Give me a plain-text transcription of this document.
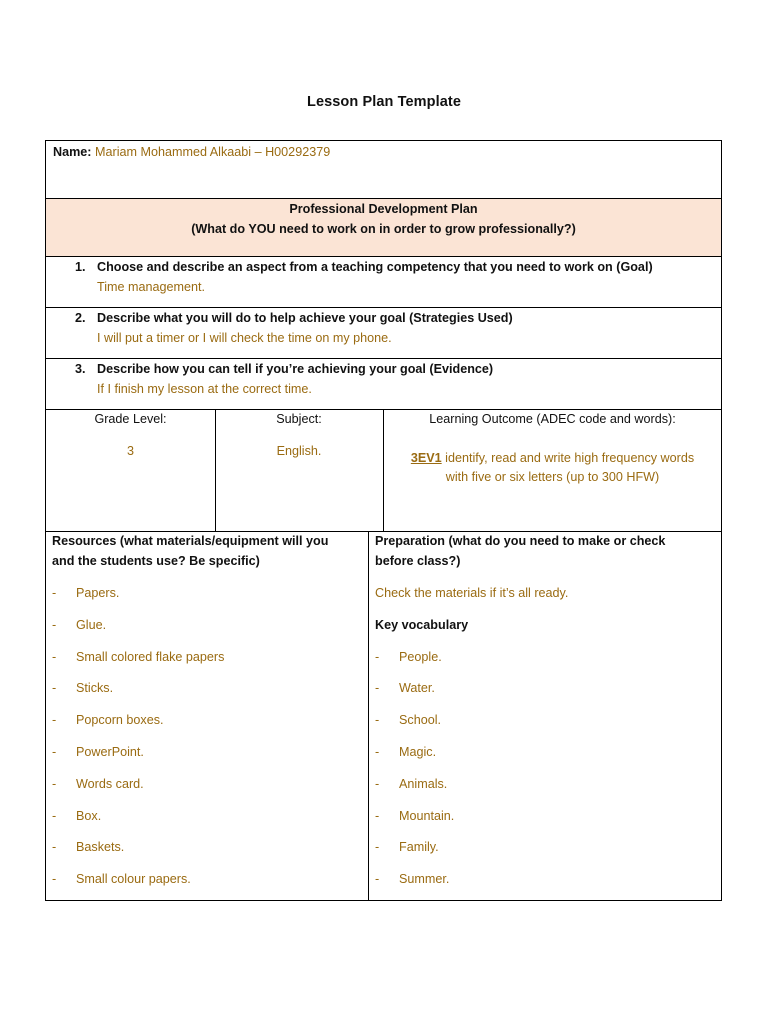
Lesson Plan Template
Name: Mariam Mohammed Alkaabi – H00292379
Professional Development Plan
(What do YOU need to work on in order to grow professionally?)
1. Choose and describe an aspect from a teaching competency that you need to work on (Goal)
Time management.
2. Describe what you will do to help achieve your goal (Strategies Used)
I will put a timer or I will check the time on my phone.
3. Describe how you can tell if you’re achieving your goal (Evidence)
If I finish my lesson at the correct time.
Grade Level:
3
Subject:
English.
Learning Outcome (ADEC code and words):
3EV1 identify, read and write high frequency words
with five or six letters (up to 300 HFW)
Resources (what materials/equipment will you
and the students use? Be specific)
- Papers.
- Glue.
- Small colored flake papers
- Sticks.
- Popcorn boxes.
- PowerPoint.
- Words card.
- Box.
- Baskets.
- Small colour papers.
Preparation (what do you need to make or check
before class?)
Check the materials if it’s all ready.
Key vocabulary
- People.
- Water.
- School.
- Magic.
- Animals.
- Mountain.
- Family.
- Summer.
